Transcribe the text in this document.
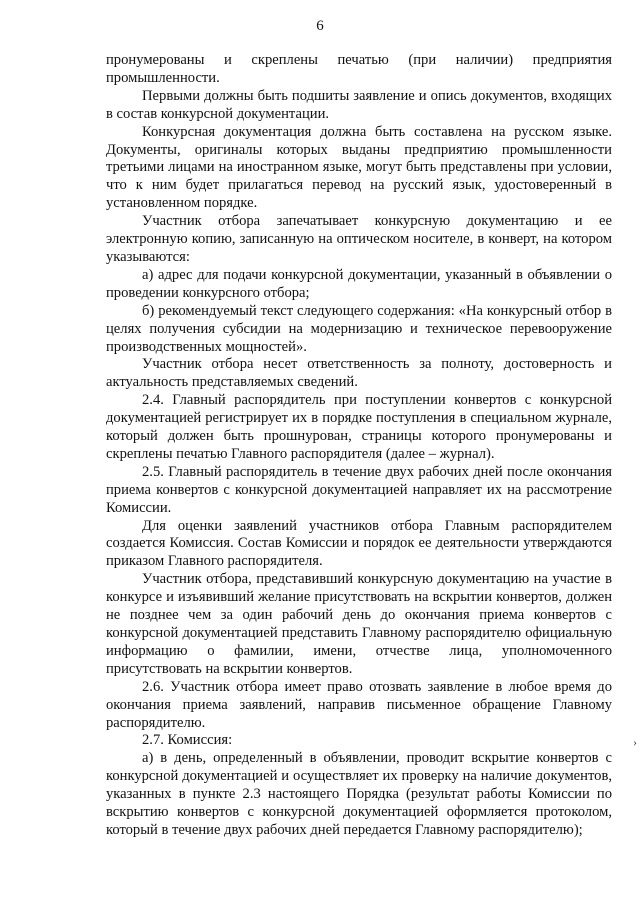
6

пронумерованы и скреплены печатью (при наличии) предприятия промышленности.

Первыми должны быть подшиты заявление и опись документов, входящих в состав конкурсной документации.

Конкурсная документация должна быть составлена на русском языке. Документы, оригиналы которых выданы предприятию промышленности третьими лицами на иностранном языке, могут быть представлены при условии, что к ним будет прилагаться перевод на русский язык, удостоверенный в установленном порядке.

Участник отбора запечатывает конкурсную документацию и ее электронную копию, записанную на оптическом носителе, в конверт, на котором указываются:

а) адрес для подачи конкурсной документации, указанный в объявлении о проведении конкурсного отбора;

б) рекомендуемый текст следующего содержания: «На конкурсный отбор в целях получения субсидии на модернизацию и техническое перевооружение производственных мощностей».

Участник отбора несет ответственность за полноту, достоверность и актуальность представляемых сведений.

2.4. Главный распорядитель при поступлении конвертов с конкурсной документацией регистрирует их в порядке поступления в специальном журнале, который должен быть прошнурован, страницы которого пронумерованы и скреплены печатью Главного распорядителя (далее – журнал).

2.5. Главный распорядитель в течение двух рабочих дней после окончания приема конвертов с конкурсной документацией направляет их на рассмотрение Комиссии.

Для оценки заявлений участников отбора Главным распорядителем создается Комиссия. Состав Комиссии и порядок ее деятельности утверждаются приказом Главного распорядителя.

Участник отбора, представивший конкурсную документацию на участие в конкурсе и изъявивший желание присутствовать на вскрытии конвертов, должен не позднее чем за один рабочий день до окончания приема конвертов с конкурсной документацией представить Главному распорядителю официальную информацию о фамилии, имени, отчестве лица, уполномоченного присутствовать на вскрытии конвертов.

2.6. Участник отбора имеет право отозвать заявление в любое время до окончания приема заявлений, направив письменное обращение Главному распорядителю.

2.7. Комиссия:

а) в день, определенный в объявлении, проводит вскрытие конвертов с конкурсной документацией и осуществляет их проверку на наличие документов, указанных в пункте 2.3 настоящего Порядка (результат работы Комиссии по вскрытию конвертов с конкурсной документацией оформляется протоколом, который в течение двух рабочих дней передается Главному распорядителю);

›
